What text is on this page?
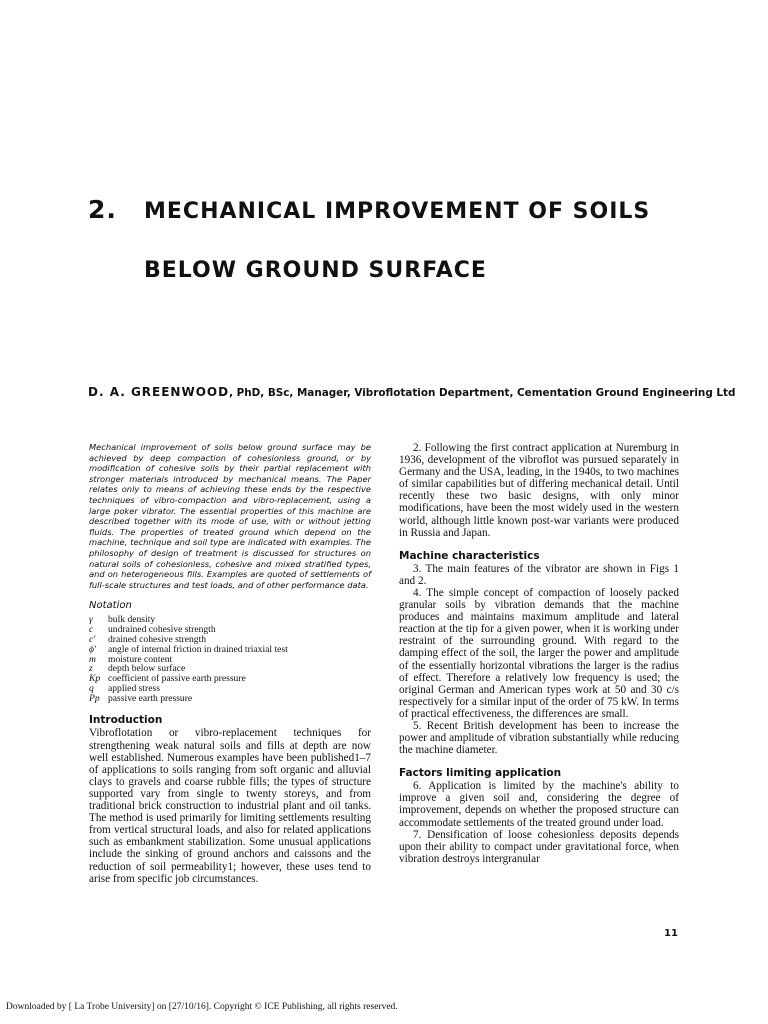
2. MECHANICAL IMPROVEMENT OF SOILS
BELOW GROUND SURFACE
D. A. GREENWOOD, PhD, BSc, Manager, Vibroflotation Department, Cementation Ground Engineering Ltd

Mechanical improvement of soils below ground surface may be achieved by deep compaction of cohesionless ground, or by modification of cohesive soils by their partial replacement with stronger materials introduced by mechanical means. The Paper relates only to means of achieving these ends by the respective techniques of vibro-compaction and vibro-replacement, using a large poker vibrator. The essential properties of this machine are described together with its mode of use, with or without jetting fluids. The properties of treated ground which depend on the machine, technique and soil type are indicated with examples. The philosophy of design of treatment is discussed for structures on natural soils of cohesionless, cohesive and mixed stratified types, and on heterogeneous fills. Examples are quoted of settlements of full-scale structures and test loads, and of other performance data.

Notation
γ bulk density
c undrained cohesive strength
c′ drained cohesive strength
ϕ′ angle of internal friction in drained triaxial test
m moisture content
z depth below surface
Kp coefficient of passive earth pressure
q applied stress
Pp passive earth pressure
Introduction

Vibroflotation or vibro-replacement techniques for strengthening weak natural soils and fills at depth are now well established. Numerous examples have been published1–7 of applications to soils ranging from soft organic and alluvial clays to gravels and coarse rubble fills; the types of structure supported vary from single to twenty storeys, and from traditional brick construction to industrial plant and oil tanks. The method is used primarily for limiting settlements resulting from vertical structural loads, and also for related applications such as embankment stabilization. Some unusual applications include the sinking of ground anchors and caissons and the reduction of soil permeability1; however, these uses tend to arise from specific job circumstances.

2. Following the first contract application at Nuremburg in 1936, development of the vibroflot was pursued separately in Germany and the USA, leading, in the 1940s, to two machines of similar capabilities but of differing mechanical detail. Until recently these two basic designs, with only minor modifications, have been the most widely used in the western world, although little known post-war variants were produced in Russia and Japan.

Machine characteristics

3. The main features of the vibrator are shown in Figs 1 and 2.

4. The simple concept of compaction of loosely packed granular soils by vibration demands that the machine produces and maintains maximum amplitude and lateral reaction at the tip for a given power, when it is working under restraint of the surrounding ground. With regard to the damping effect of the soil, the larger the power and amplitude of the essentially horizontal vibrations the larger is the radius of effect. Therefore a relatively low frequency is used; the original German and American types work at 50 and 30 c/s respectively for a similar input of the order of 75 kW. In terms of practical effectiveness, the differences are small.

5. Recent British development has been to increase the power and amplitude of vibration substantially while reducing the machine diameter.

Factors limiting application

6. Application is limited by the machine's ability to improve a given soil and, considering the degree of improvement, depends on whether the proposed structure can accommodate settlements of the treated ground under load.

7. Densification of loose cohesionless deposits depends upon their ability to compact under gravitational force, when vibration destroys intergranular

11
Downloaded by [ La Trobe University] on [27/10/16]. Copyright © ICE Publishing, all rights reserved.
